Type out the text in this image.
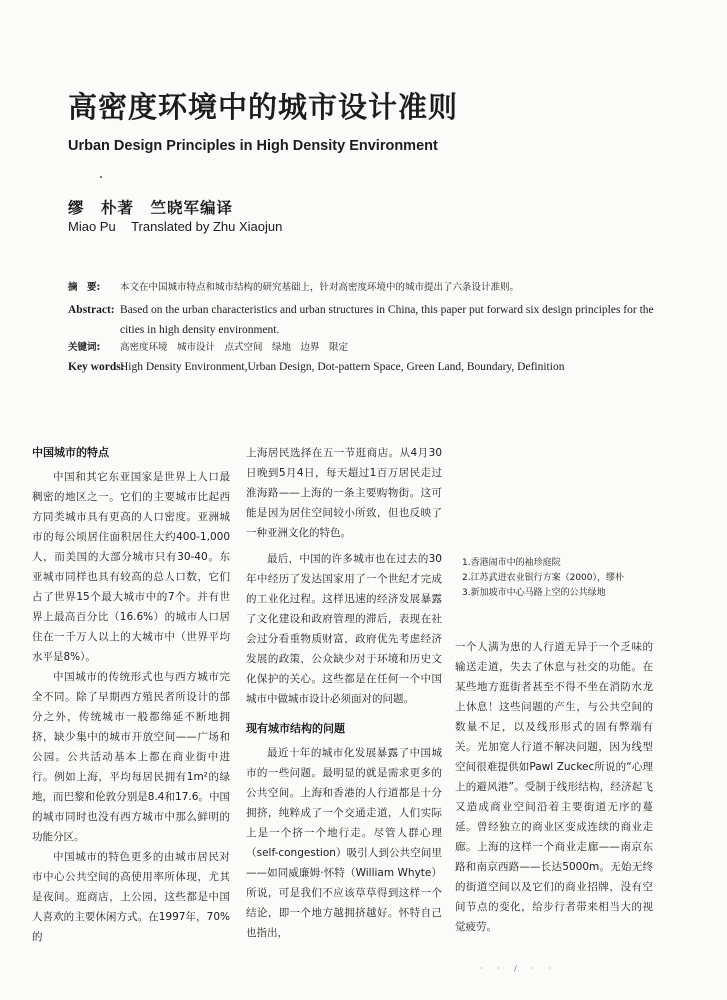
高密度环境中的城市设计准则
Urban Design Principles in High Density Environment
缪　朴著　竺晓军编译
Miao Pu Translated by Zhu Xiaojun
摘　要: 本文在中国城市特点和城市结构的研究基础上，针对高密度环境中的城市提出了六条设计准则。
Abstract: Based on the urban characteristics and urban structures in China, this paper put forward six design principles for the cities in high density environment.
关键词: 高密度环境　城市设计　点式空间　绿地　边界　限定
Key words:
High Density Environment,Urban Design, Dot-pattern Space, Green Land, Boundary, Definition
中国城市的特点

中国和其它东亚国家是世界上人口最稠密的地区之一。它们的主要城市比起西方同类城市具有更高的人口密度。亚洲城市的每公顷居住面积居住大约400-1,000人，而美国的大部分城市只有30-40。东亚城市同样也具有较高的总人口数，它们占了世界15个最大城市中的7个。并有世界上最高百分比（16.6%）的城市人口居住在一千万人以上的大城市中（世界平均水平是8%）。

中国城市的传统形式也与西方城市完全不同。除了早期西方殖民者所设计的部分之外，传统城市一般都绵延不断地拥挤，缺少集中的城市开放空间——广场和公园。公共活动基本上都在商业街中进行。例如上海，平均每居民拥有1m²的绿地，而巴黎和伦敦分别是8.4和17.6。中国的城市同时也没有西方城市中那么鲜明的功能分区。

中国城市的特色更多的由城市居民对市中心公共空间的高使用率所体现，尤其是夜间。逛商店，上公园，这些都是中国人喜欢的主要休闲方式。在1997年，70%的

上海居民选择在五一节逛商店。从4月30日晚到5月4日，每天超过1百万居民走过淮海路——上海的一条主要购物街。这可能是因为居住空间较小所致，但也反映了一种亚洲文化的特色。

最后，中国的许多城市也在过去的30年中经历了发达国家用了一个世纪才完成的工业化过程。这样迅速的经济发展暴露了文化建设和政府管理的滞后，表现在社会过分看重物质财富，政府优先考虑经济发展的政策，公众缺少对于环境和历史文化保护的关心。这些都是在任何一个中国城市中做城市设计必须面对的问题。

现有城市结构的问题

最近十年的城市化发展暴露了中国城市的一些问题。最明显的就是需求更多的公共空间。上海和香港的人行道都是十分拥挤，纯粹成了一个交通走道，人们实际上是一个挤一个地行走。尽管人群心理（self-congestion）吸引人到公共空间里——如同威廉姆·怀特（William Whyte）所说，可是我们不应该草草得到这样一个结论，即一个地方越拥挤越好。怀特自己也指出，

1.香港闹市中的袖珍庭院
2.江苏武进农业银行方案（2000），缪朴
3.新加坡市中心马路上空的公共绿地

一个人满为患的人行道无异于一个乏味的输送走道，失去了休息与社交的功能。在某些地方逛街者甚至不得不坐在消防水龙上休息！这些问题的产生，与公共空间的数量不足，以及线形形式的固有弊端有关。光加宽人行道不解决问题，因为线型空间很难提供如Pawl Zuckec所说的“心理上的避风港”。受制于线形结构，经济起飞又造成商业空间沿着主要街道无序的蔓延。曾经独立的商业区变成连续的商业走廊。上海的这样一个商业走廊——南京东路和南京西路——长达5000m。无始无终的街道空间以及它们的商业招牌，没有空间节点的变化，给步行者带来相当大的视觉疲劳。

· · / · ·
